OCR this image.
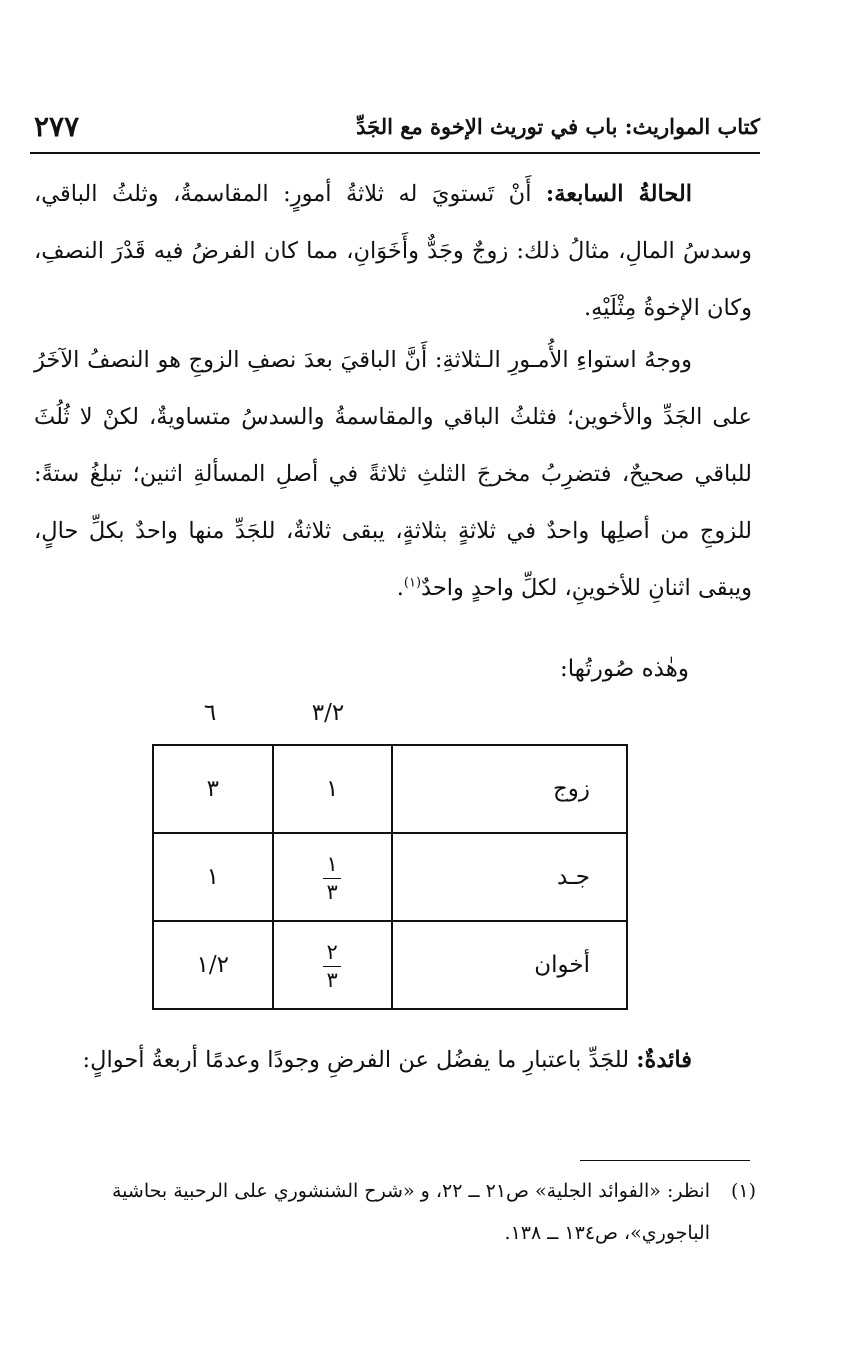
٢٧٧	كتاب المواريث: باب في توريث الإخوة مع الجَدِّ
الحالةُ السابعة: أَنْ تَستويَ له ثلاثةُ أمورٍ: المقاسمةُ، وثلثُ الباقي، وسدسُ المالِ، مثالُ ذلك: زوجٌ وجَدٌّ وأَخَوَانِ، مما كان الفرضُ فيه قَدْرَ النصفِ، وكان الإخوةُ مِثْلَيْهِ.
ووجهُ استواءِ الأُمـورِ الـثلاثةِ: أَنَّ الباقيَ بعدَ نصفِ الزوجِ هو النصفُ الآخَرُ على الجَدِّ والأخوين؛ فثلثُ الباقي والمقاسمةُ والسدسُ متساويةٌ، لكنْ لا ثُلُثَ للباقي صحيحٌ، فتضرِبُ مخرجَ الثلثِ ثلاثةً في أصلِ المسألةِ اثنين؛ تبلغُ ستةً: للزوجِ من أصلِها واحدٌ في ثلاثةٍ بثلاثةٍ، يبقى ثلاثةٌ، للجَدِّ منها واحدٌ بكلِّ حالٍ، ويبقى اثنانِ للأخوينِ، لكلِّ واحدٍ واحدٌ$^{(١)}$.
وهٰذه صُورتُها:
٣/٢
٦
زوج	١	٣
جـد	$\frac{١}{٣}$	١
أخوان	$\frac{٢}{٣}$	١/٢
فائدةٌ: للجَدِّ باعتبارِ ما يفضُل عن الفرضِ وجودًا وعدمًا أربعةُ أحوالٍ:
(١)
انظر: «الفوائد الجلية» ص٢١ ــ ٢٢، و «شرح الشنشوري على الرحبية بحاشية الباجوري»، ص١٣٤ ــ ١٣٨.
